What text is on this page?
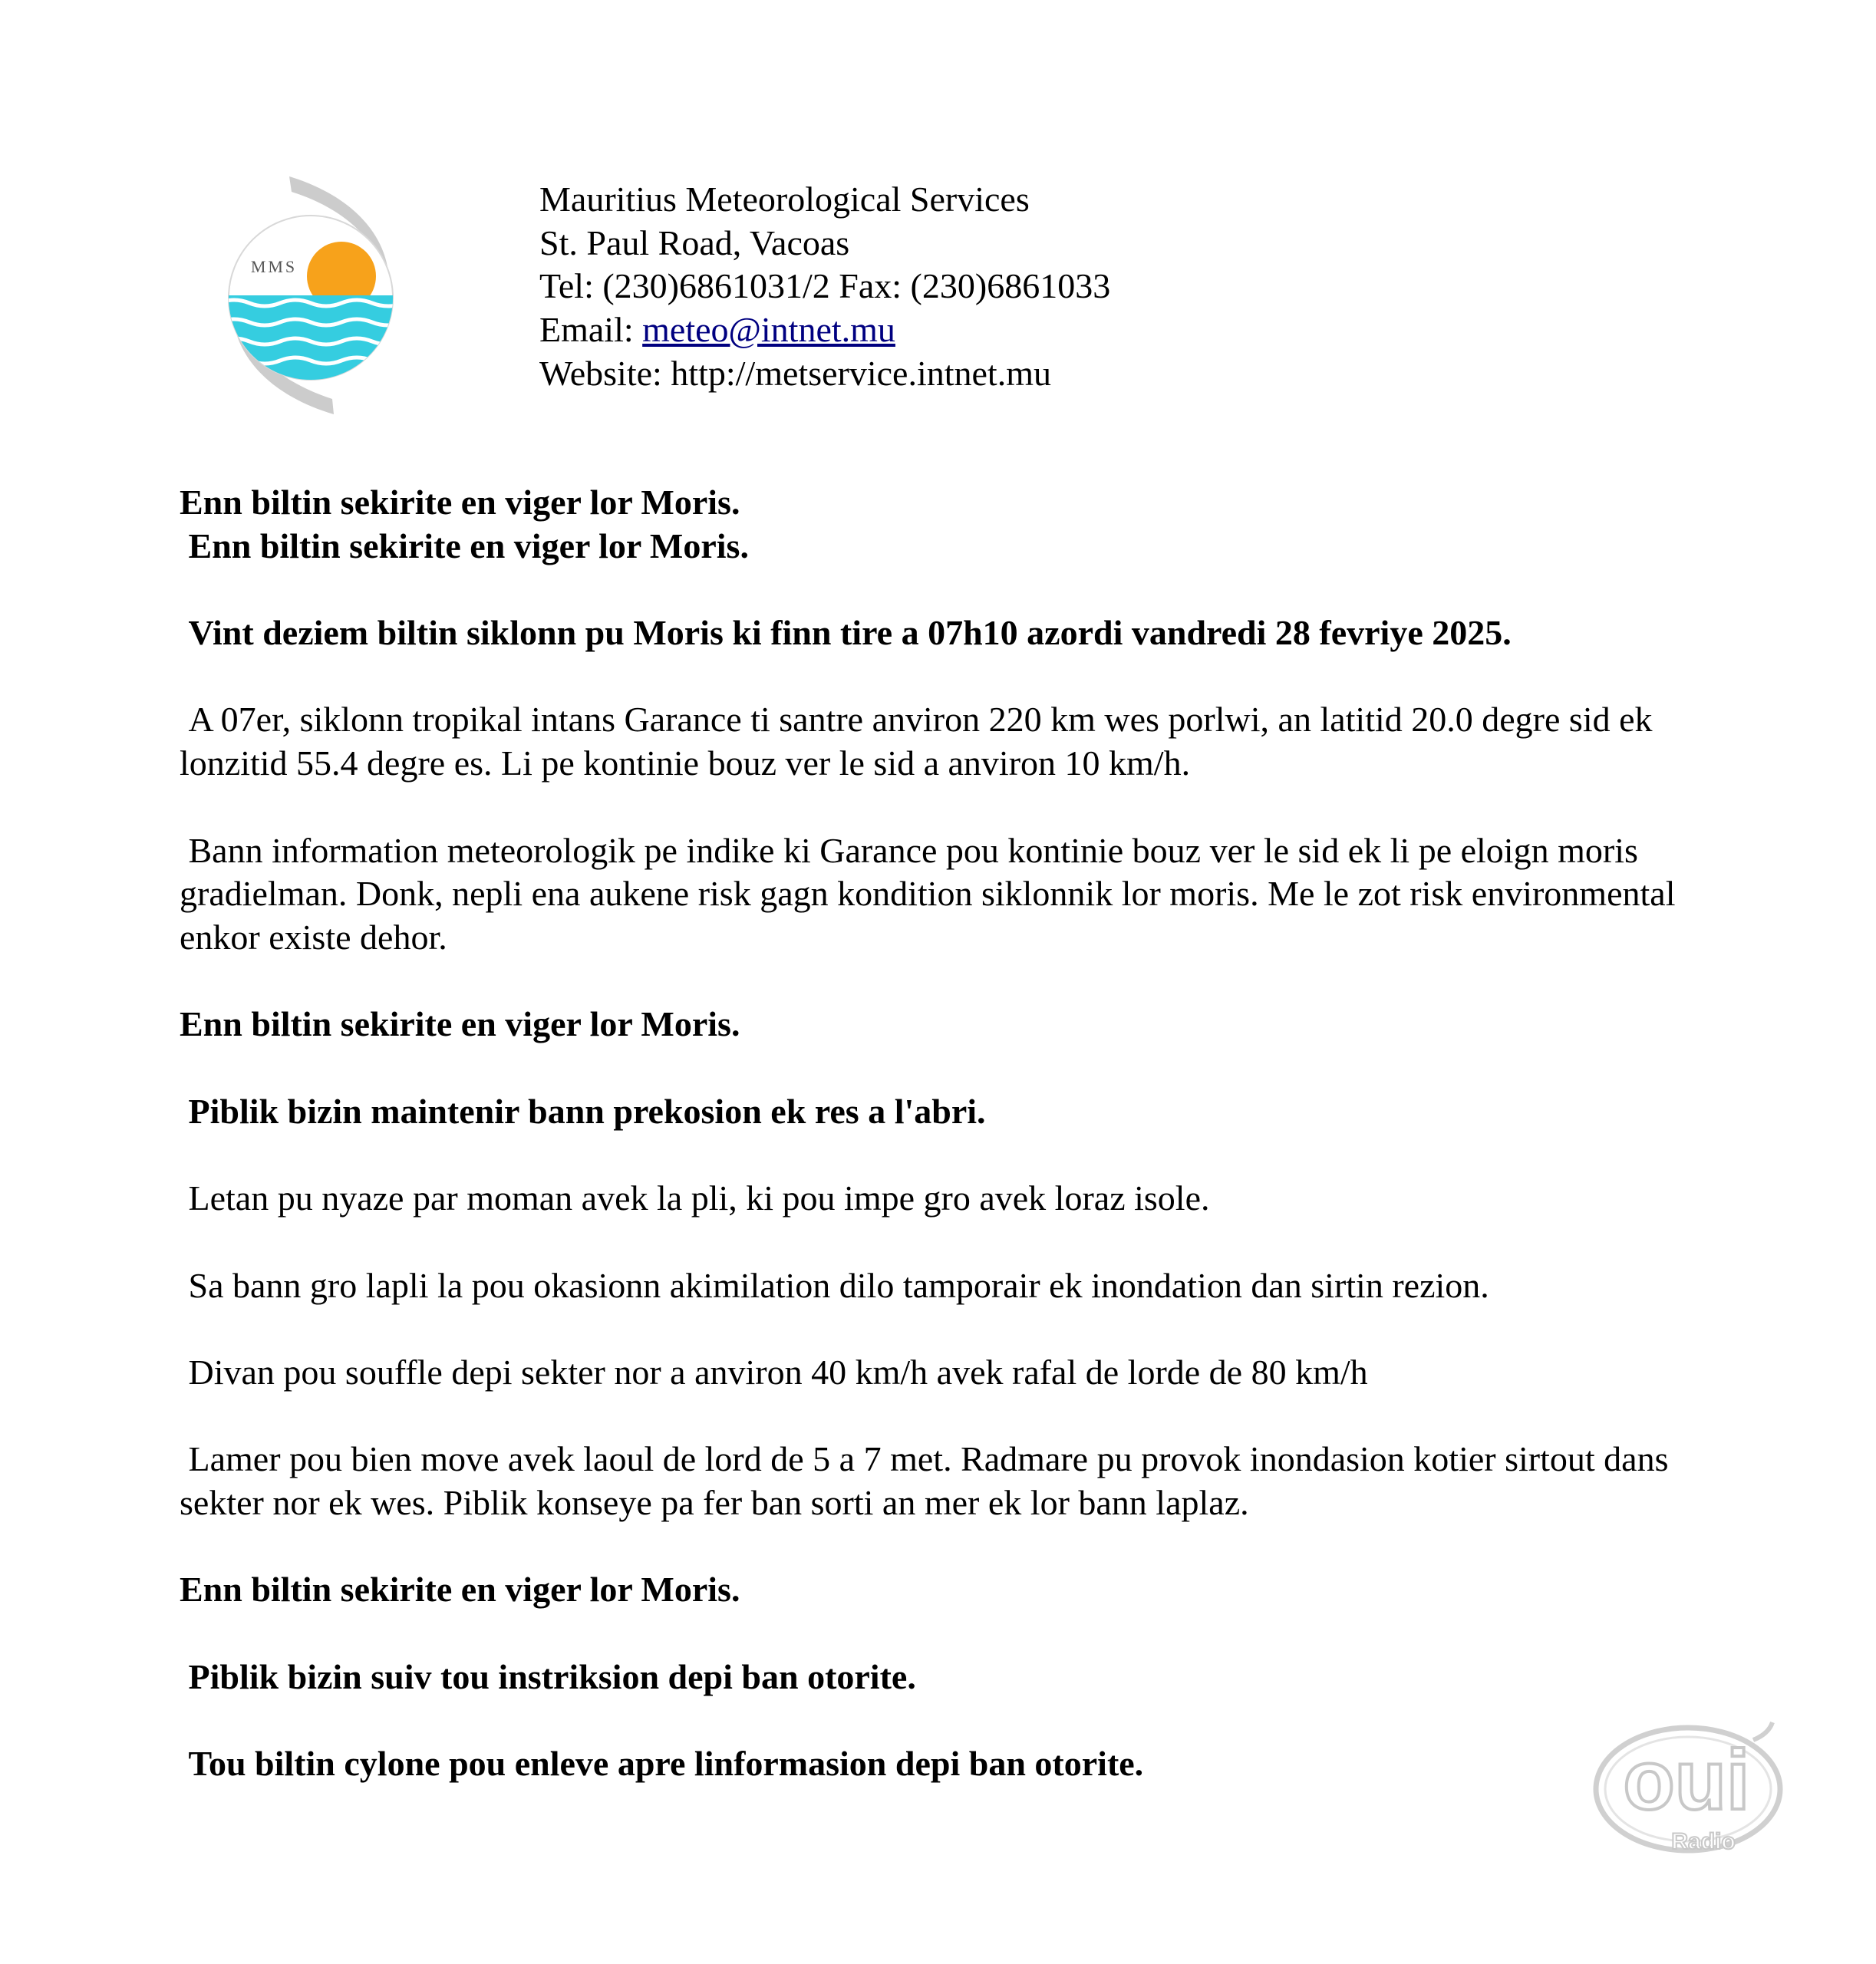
MMS
Mauritius Meteorological Services
St. Paul Road, Vacoas
Tel: (230)6861031/2 Fax: (230)6861033
Email: meteo@intnet.mu
Website: http://metservice.intnet.mu

Enn biltin sekirite en viger lor Moris.

Enn biltin sekirite en viger lor Moris.

Vint deziem biltin siklonn pu Moris ki finn tire a 07h10 azordi vandredi 28 fevriye 2025.

A 07er, siklonn tropikal intans Garance ti santre anviron 220 km wes porlwi, an latitid 20.0 degre sid ek lonzitid 55.4 degre es. Li pe kontinie bouz ver le sid a anviron 10 km/h.

Bann information meteorologik pe indike ki Garance pou kontinie bouz ver le sid ek li pe eloign moris gradielman. Donk, nepli ena aukene risk gagn kondition siklonnik lor moris. Me le zot risk environmental enkor existe dehor.

Enn biltin sekirite en viger lor Moris.

Piblik bizin maintenir bann prekosion ek res a l'abri.

Letan pu nyaze par moman avek la pli, ki pou impe gro avek loraz isole.

Sa bann gro lapli la pou okasionn akimilation dilo tamporair ek inondation dan sirtin rezion.

Divan pou souffle depi sekter nor a anviron 40 km/h avek rafal de lorde de 80 km/h

Lamer pou bien move avek laoul de lord de 5 a 7 met. Radmare pu provok inondasion kotier sirtout dans sekter nor ek wes. Piblik konseye pa fer ban sorti an mer ek lor bann laplaz.

Enn biltin sekirite en viger lor Moris.

Piblik bizin suiv tou instriksion depi ban otorite.

Tou biltin cylone pou enleve apre linformasion depi ban otorite.	oui
Radio
